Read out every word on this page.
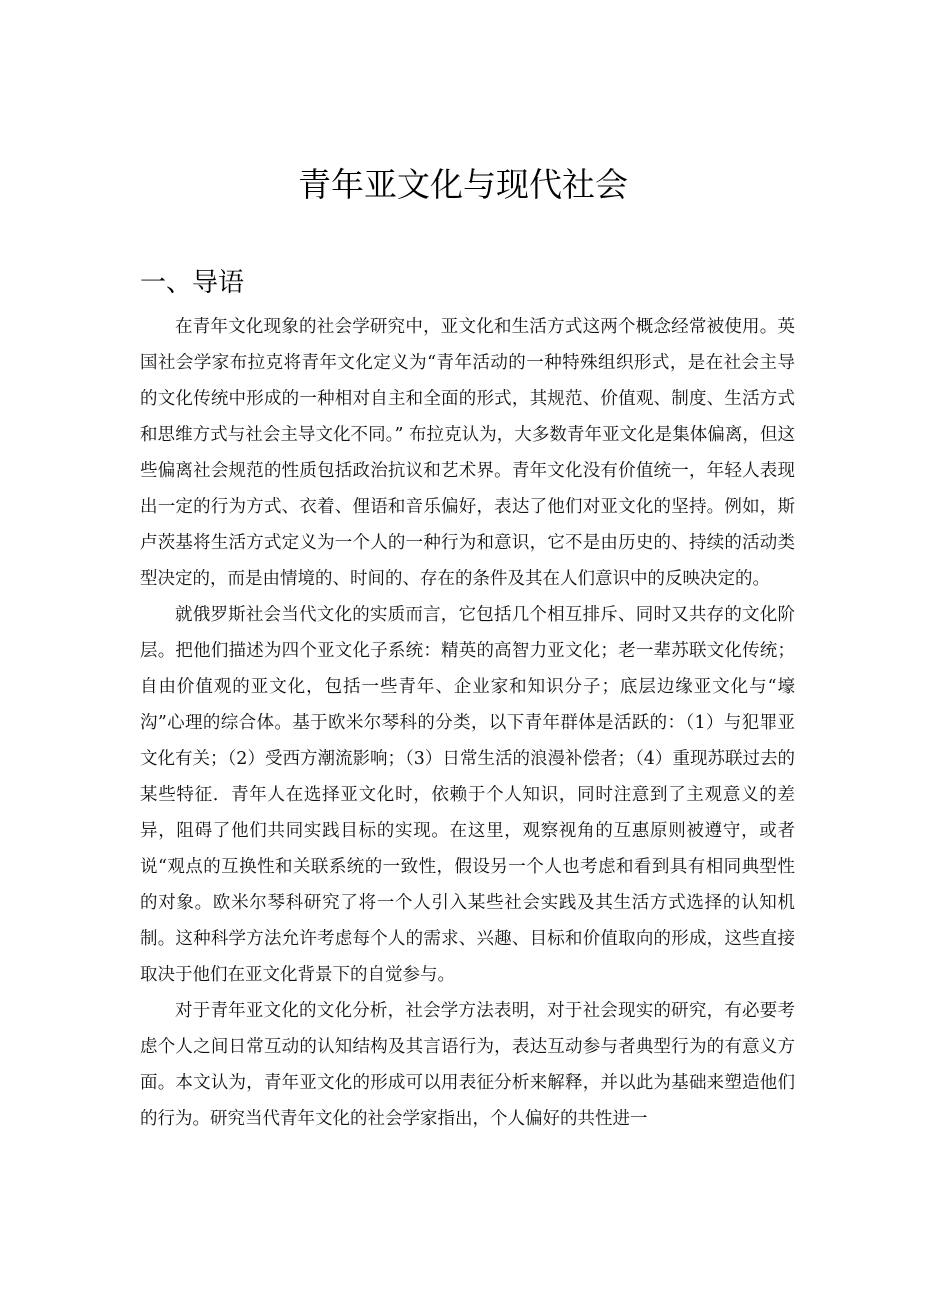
青年亚文化与现代社会
一、导语

在青年文化现象的社会学研究中，亚文化和生活方式这两个概念经常被使用。英国社会学家布拉克将青年文化定义为“青年活动的一种特殊组织形式，是在社会主导的文化传统中形成的一种相对自主和全面的形式，其规范、价值观、制度、生活方式和思维方式与社会主导文化不同。” 布拉克认为，大多数青年亚文化是集体偏离，但这些偏离社会规范的性质包括政治抗议和艺术界。青年文化没有价值统一，年轻人表现出一定的行为方式、衣着、俚语和音乐偏好，表达了他们对亚文化的坚持。例如，斯卢茨基将生活方式定义为一个人的一种行为和意识，它不是由历史的、持续的活动类型决定的，而是由情境的、时间的、存在的条件及其在人们意识中的反映决定的。

就俄罗斯社会当代文化的实质而言，它包括几个相互排斥、同时又共存的文化阶层。把他们描述为四个亚文化子系统：精英的高智力亚文化；老一辈苏联文化传统；自由价值观的亚文化，包括一些青年、企业家和知识分子；底层边缘亚文化与“壕沟”心理的综合体。基于欧米尔琴科的分类，以下青年群体是活跃的：（1）与犯罪亚文化有关；（2）受西方潮流影响；（3）日常生活的浪漫补偿者；（4）重现苏联过去的某些特征．青年人在选择亚文化时，依赖于个人知识，同时注意到了主观意义的差异，阻碍了他们共同实践目标的实现。在这里，观察视角的互惠原则被遵守，或者说“观点的互换性和关联系统的一致性，假设另一个人也考虑和看到具有相同典型性的对象。欧米尔琴科研究了将一个人引入某些社会实践及其生活方式选择的认知机制。这种科学方法允许考虑每个人的需求、兴趣、目标和价值取向的形成，这些直接取决于他们在亚文化背景下的自觉参与。

对于青年亚文化的文化分析，社会学方法表明，对于社会现实的研究，有必要考虑个人之间日常互动的认知结构及其言语行为，表达互动参与者典型行为的有意义方面。本文认为，青年亚文化的形成可以用表征分析来解释，并以此为基础来塑造他们的行为。研究当代青年文化的社会学家指出，个人偏好的共性进一
